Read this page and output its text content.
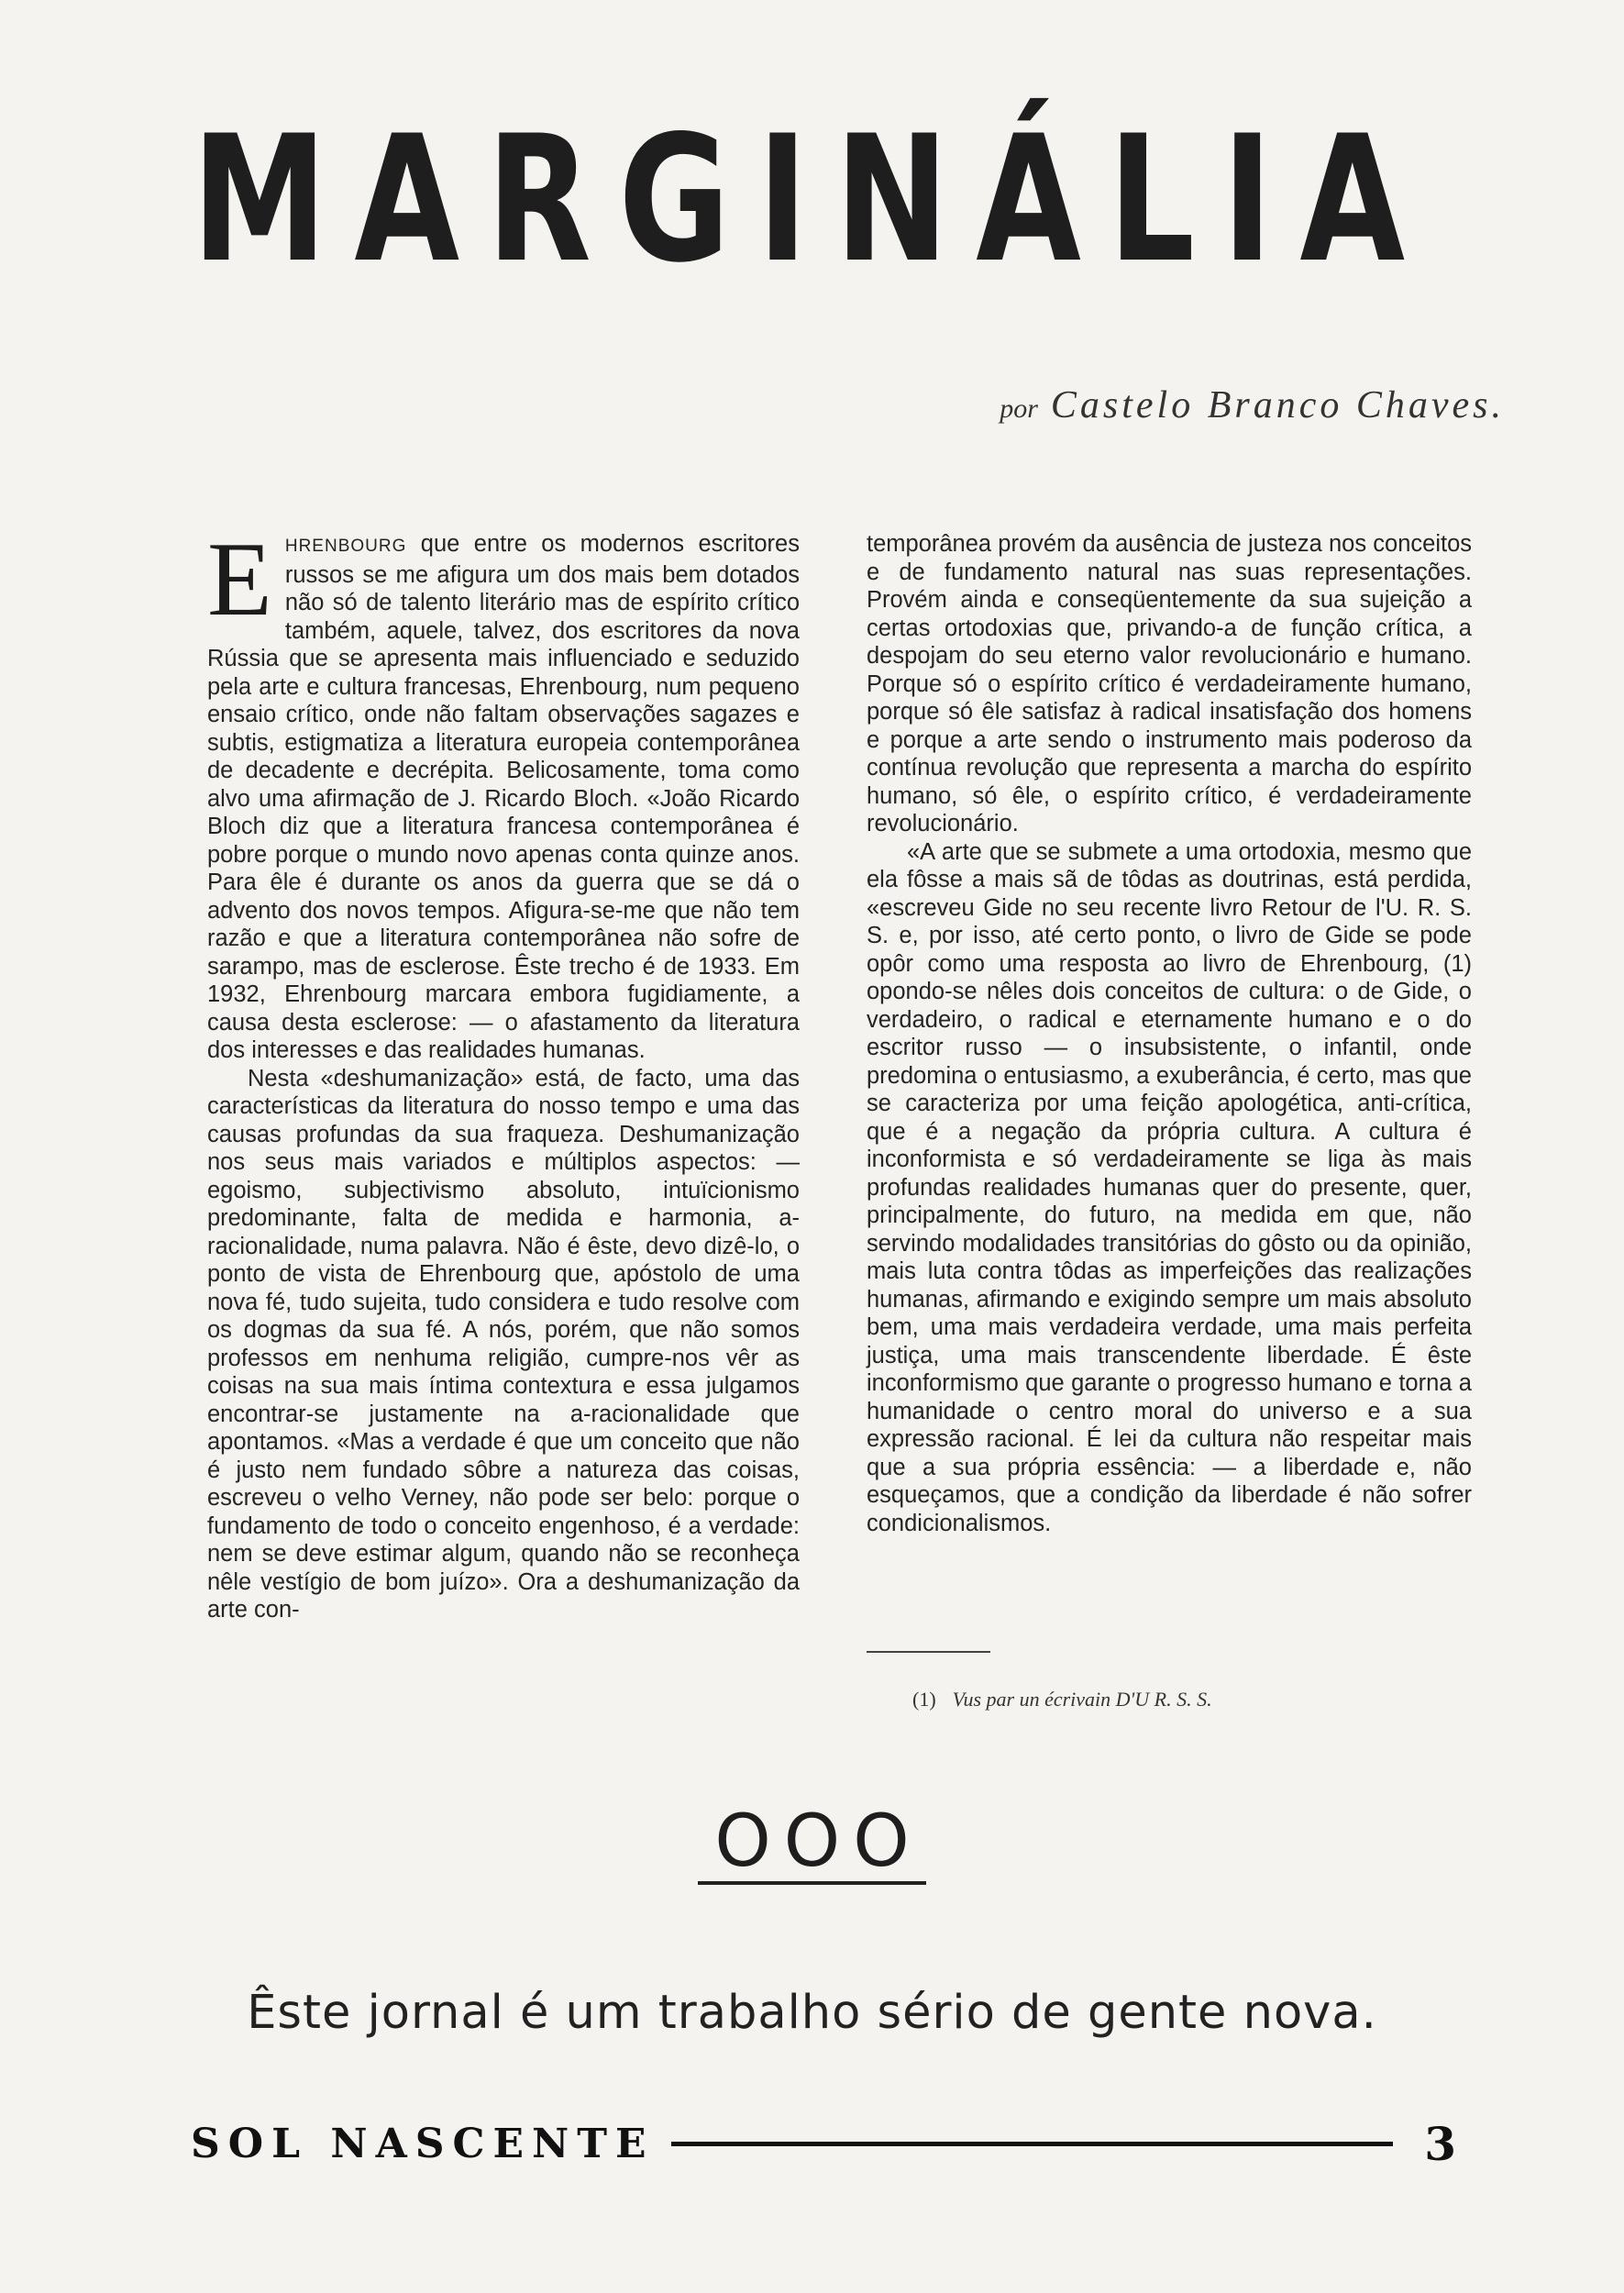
MARGINÁLIA
por Castelo Branco Chaves.

EHRENBOURG que entre os modernos escritores russos se me afigura um dos mais bem dotados não só de talento literário mas de espírito crítico também, aquele, talvez, dos escritores da nova Rússia que se apresenta mais influenciado e seduzido pela arte e cultura francesas, Ehrenbourg, num pequeno ensaio crítico, onde não faltam observações sagazes e subtis, estigmatiza a literatura europeia contemporânea de decadente e decrépita. Belicosamente, toma como alvo uma afirmação de J. Ricardo Bloch. «João Ricardo Bloch diz que a literatura francesa contemporânea é pobre porque o mundo novo apenas conta quinze anos. Para êle é durante os anos da guerra que se dá o advento dos novos tempos. Afigura-se-me que não tem razão e que a literatura contemporânea não sofre de sarampo, mas de esclerose. Êste trecho é de 1933. Em 1932, Ehrenbourg marcara embora fugidiamente, a causa desta esclerose: — o afastamento da literatura dos interesses e das realidades humanas.

Nesta «deshumanização» está, de facto, uma das características da literatura do nosso tempo e uma das causas profundas da sua fraqueza. Deshumanização nos seus mais variados e múltiplos aspectos: — egoismo, subjectivismo absoluto, intuïcionismo predominante, falta de medida e harmonia, a-racionalidade, numa palavra. Não é êste, devo dizê-lo, o ponto de vista de Ehrenbourg que, apóstolo de uma nova fé, tudo sujeita, tudo considera e tudo resolve com os dogmas da sua fé. A nós, porém, que não somos professos em nenhuma religião, cumpre-nos vêr as coisas na sua mais íntima contextura e essa julgamos encontrar-se justamente na a-racionalidade que apontamos. «Mas a verdade é que um conceito que não é justo nem fundado sôbre a natureza das coisas, escreveu o velho Verney, não pode ser belo: porque o fundamento de todo o conceito engenhoso, é a verdade: nem se deve estimar algum, quando não se reconheça nêle vestígio de bom juízo». Ora a deshumanização da arte con-

temporânea provém da ausência de justeza nos conceitos e de fundamento natural nas suas representações. Provém ainda e conseqüentemente da sua sujeição a certas ortodoxias que, privando-a de função crítica, a despojam do seu eterno valor revolucionário e humano. Porque só o espírito crítico é verdadeiramente humano, porque só êle satisfaz à radical insatisfação dos homens e porque a arte sendo o instrumento mais poderoso da contínua revolução que representa a marcha do espírito humano, só êle, o espírito crítico, é verdadeiramente revolucionário.

«A arte que se submete a uma ortodoxia, mesmo que ela fôsse a mais sã de tôdas as doutrinas, está perdida, «escreveu Gide no seu recente livro Retour de l'U. R. S. S. e, por isso, até certo ponto, o livro de Gide se pode opôr como uma resposta ao livro de Ehrenbourg, (1) opondo-se nêles dois conceitos de cultura: o de Gide, o verdadeiro, o radical e eternamente humano e o do escritor russo — o insubsistente, o infantil, onde predomina o entusiasmo, a exuberância, é certo, mas que se caracteriza por uma feição apologética, anti-crítica, que é a negação da própria cultura. A cultura é inconformista e só verdadeiramente se liga às mais profundas realidades humanas quer do presente, quer, principalmente, do futuro, na medida em que, não servindo modalidades transitórias do gôsto ou da opinião, mais luta contra tôdas as imperfeições das realizações humanas, afirmando e exigindo sempre um mais absoluto bem, uma mais verdadeira verdade, uma mais perfeita justiça, uma mais transcendente liberdade. É êste inconformismo que garante o progresso humano e torna a humanidade o centro moral do universo e a sua expressão racional. É lei da cultura não respeitar mais que a sua própria essência: — a liberdade e, não esqueçamos, que a condição da liberdade é não sofrer condicionalismos.

(1) Vus par un écrivain D'U R. S. S.
OOO
Êste jornal é um trabalho sério de gente nova.
SOL NASCENTE	3
